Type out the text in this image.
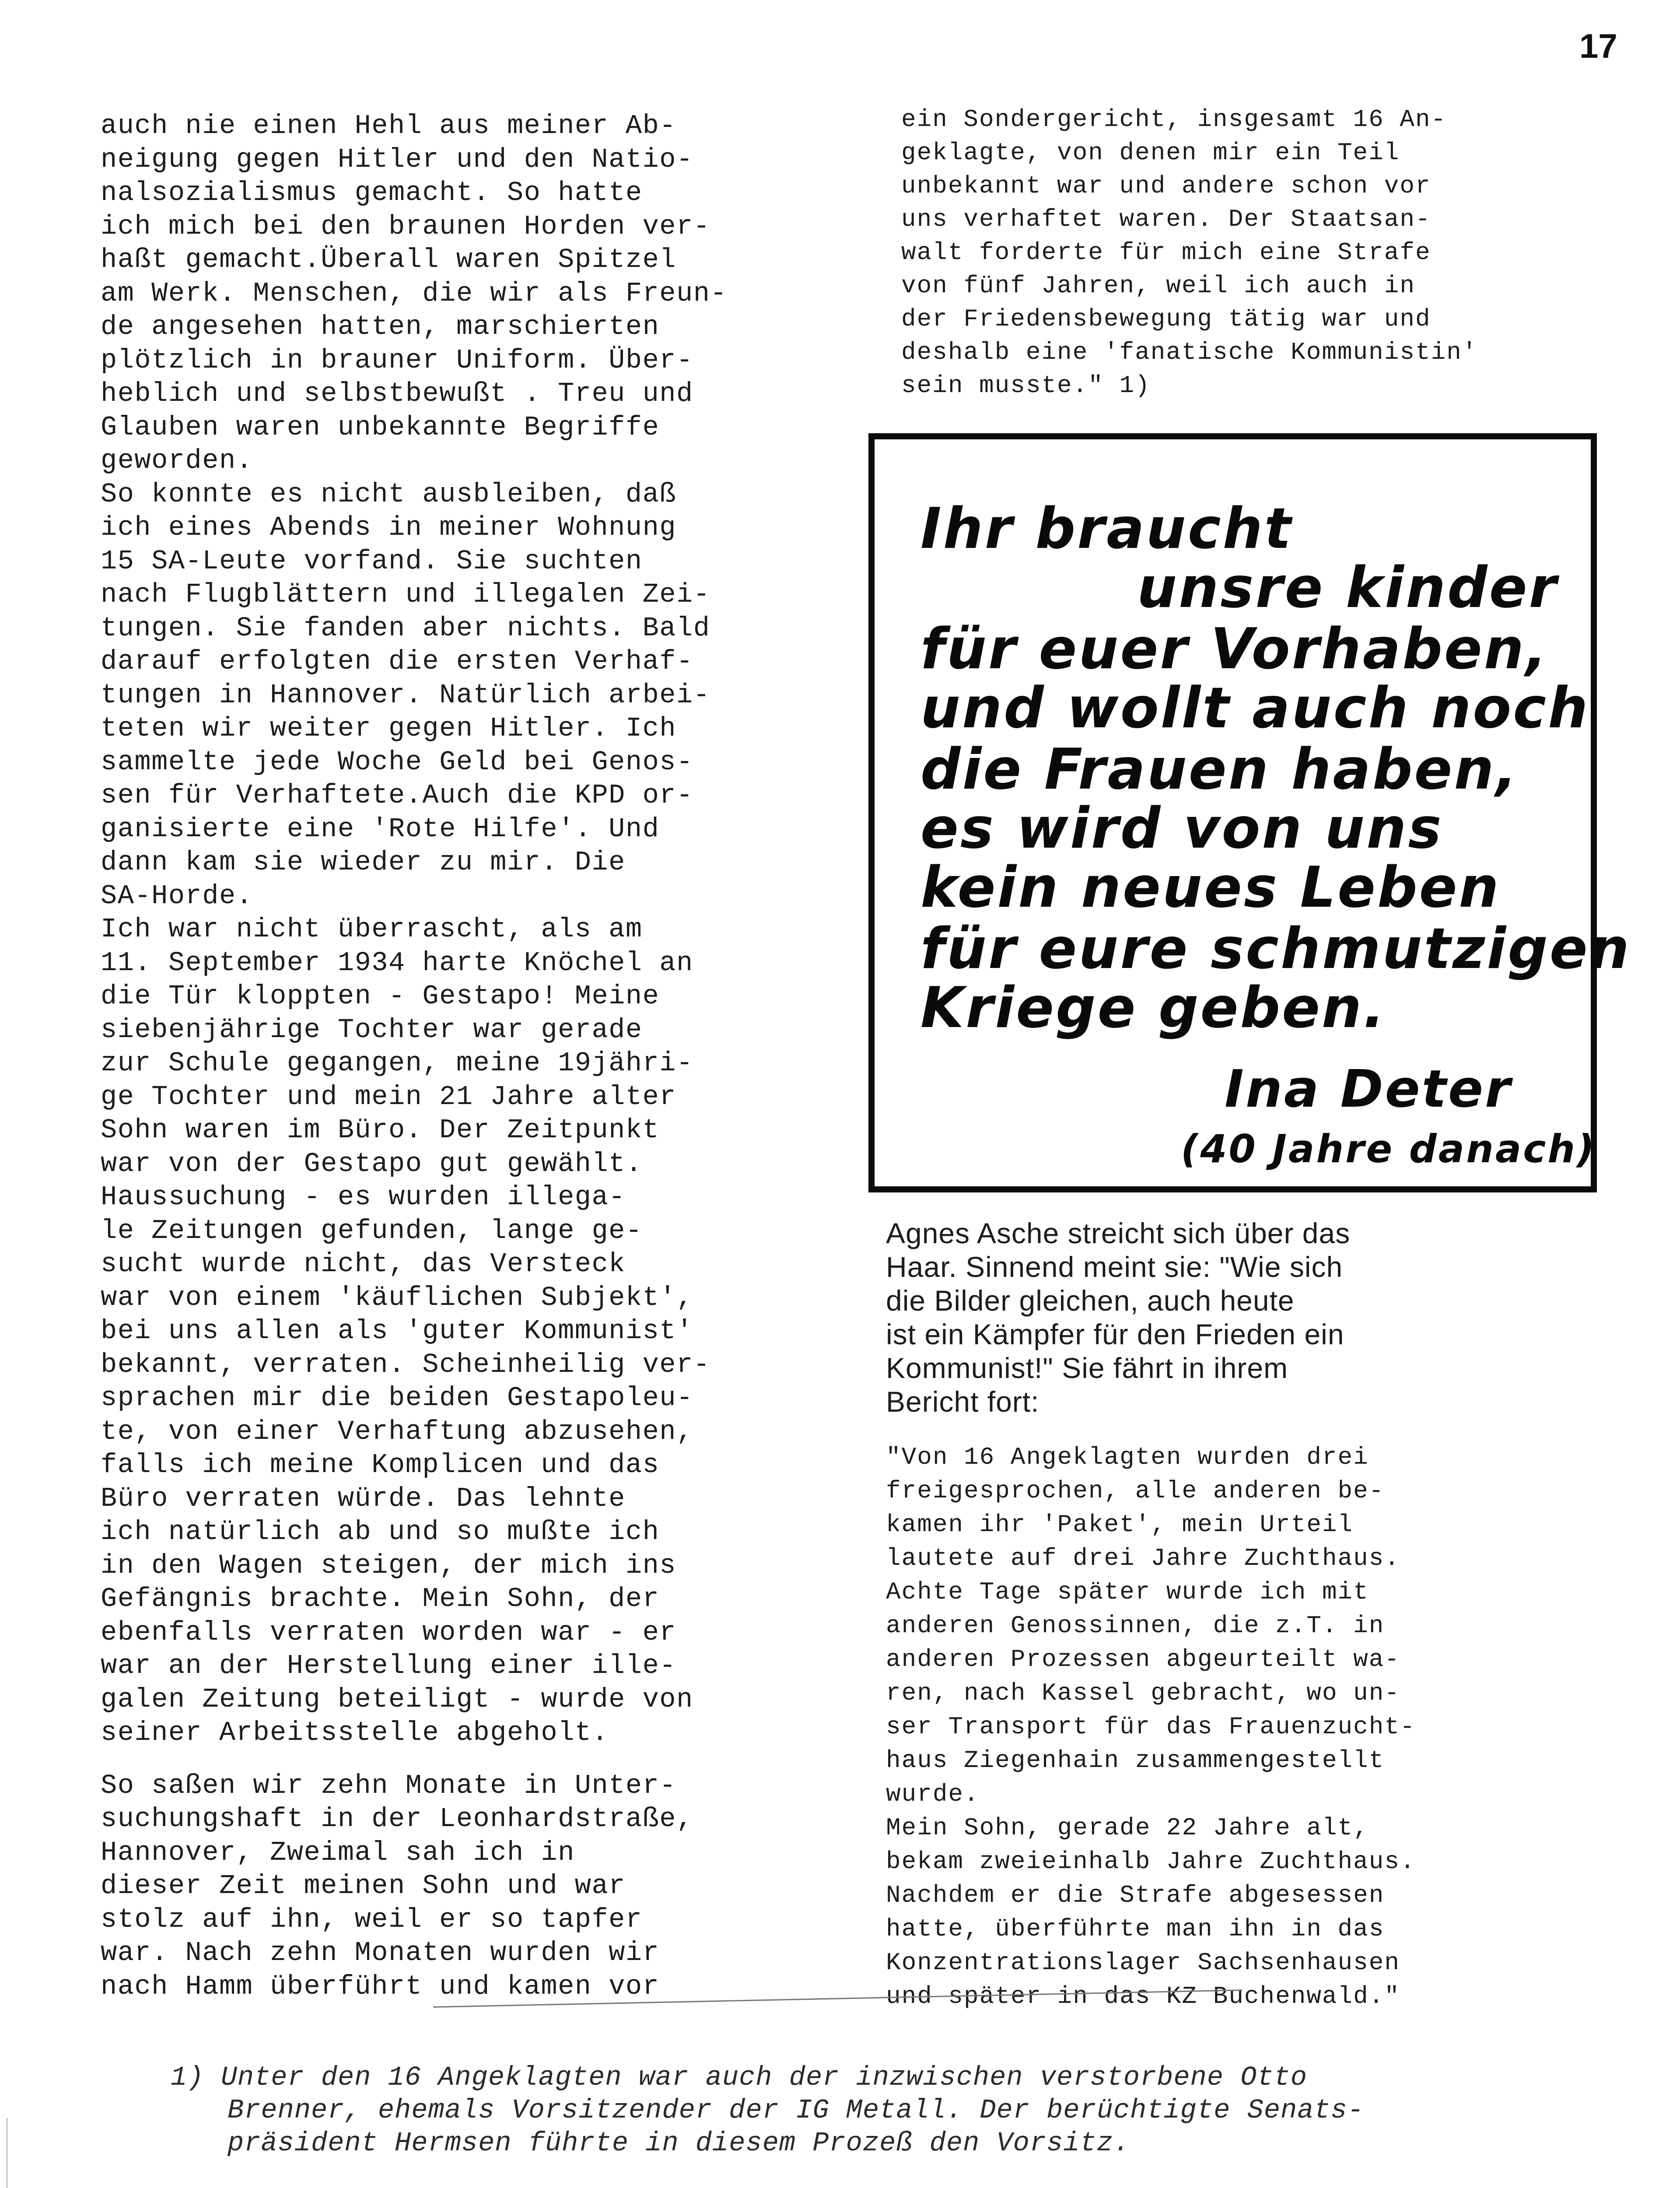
17
auch nie einen Hehl aus meiner Ab-
neigung gegen Hitler und den Natio-
nalsozialismus gemacht. So hatte
ich mich bei den braunen Horden ver-
haßt gemacht.Überall waren Spitzel
am Werk. Menschen, die wir als Freun-
de angesehen hatten, marschierten
plötzlich in brauner Uniform. Über-
heblich und selbstbewußt . Treu und
Glauben waren unbekannte Begriffe
geworden.
So konnte es nicht ausbleiben, daß
ich eines Abends in meiner Wohnung
15 SA-Leute vorfand. Sie suchten
nach Flugblättern und illegalen Zei-
tungen. Sie fanden aber nichts. Bald
darauf erfolgten die ersten Verhaf-
tungen in Hannover. Natürlich arbei-
teten wir weiter gegen Hitler. Ich
sammelte jede Woche Geld bei Genos-
sen für Verhaftete.Auch die KPD or-
ganisierte eine 'Rote Hilfe'. Und
dann kam sie wieder zu mir. Die
SA-Horde.
Ich war nicht überrascht, als am
11. September 1934 harte Knöchel an
die Tür kloppten - Gestapo! Meine
siebenjährige Tochter war gerade
zur Schule gegangen, meine 19jähri-
ge Tochter und mein 21 Jahre alter
Sohn waren im Büro. Der Zeitpunkt
war von der Gestapo gut gewählt.
Haussuchung - es wurden illega-
le Zeitungen gefunden, lange ge-
sucht wurde nicht, das Versteck
war von einem 'käuflichen Subjekt',
bei uns allen als 'guter Kommunist'
bekannt, verraten. Scheinheilig ver-
sprachen mir die beiden Gestapoleu-
te, von einer Verhaftung abzusehen,
falls ich meine Komplicen und das
Büro verraten würde. Das lehnte
ich natürlich ab und so mußte ich
in den Wagen steigen, der mich ins
Gefängnis brachte. Mein Sohn, der
ebenfalls verraten worden war - er
war an der Herstellung einer ille-
galen Zeitung beteiligt - wurde von
seiner Arbeitsstelle abgeholt.
So saßen wir zehn Monate in Unter-
suchungshaft in der Leonhardstraße,
Hannover, Zweimal sah ich in
dieser Zeit meinen Sohn und war
stolz auf ihn, weil er so tapfer
war. Nach zehn Monaten wurden wir
nach Hamm überführt und kamen vor
ein Sondergericht, insgesamt 16 An-
geklagte, von denen mir ein Teil
unbekannt war und andere schon vor
uns verhaftet waren. Der Staatsan-
walt forderte für mich eine Strafe
von fünf Jahren, weil ich auch in
der Friedensbewegung tätig war und
deshalb eine 'fanatische Kommunistin'
sein musste." 1)
Ihr braucht
unsre kinder
für euer Vorhaben,
und wollt auch noch
die Frauen haben,
es wird von uns
kein neues Leben
für eure schmutzigen
Kriege geben.
Ina Deter
(40 Jahre danach)
Agnes Asche streicht sich über das
Haar. Sinnend meint sie: "Wie sich
die Bilder gleichen, auch heute
ist ein Kämpfer für den Frieden ein
Kommunist!" Sie fährt in ihrem
Bericht fort:
"Von 16 Angeklagten wurden drei
freigesprochen, alle anderen be-
kamen ihr 'Paket', mein Urteil
lautete auf drei Jahre Zuchthaus.
Achte Tage später wurde ich mit
anderen Genossinnen, die z.T. in
anderen Prozessen abgeurteilt wa-
ren, nach Kassel gebracht, wo un-
ser Transport für das Frauenzucht-
haus Ziegenhain zusammengestellt
wurde.
Mein Sohn, gerade 22 Jahre alt,
bekam zweieinhalb Jahre Zuchthaus.
Nachdem er die Strafe abgesessen
hatte, überführte man ihn in das
Konzentrationslager Sachsenhausen
und später in das KZ Buchenwald."
1) Unter den 16 Angeklagten war auch der inzwischen verstorbene Otto
Brenner, ehemals Vorsitzender der IG Metall. Der berüchtigte Senats-
präsident Hermsen führte in diesem Prozeß den Vorsitz.
